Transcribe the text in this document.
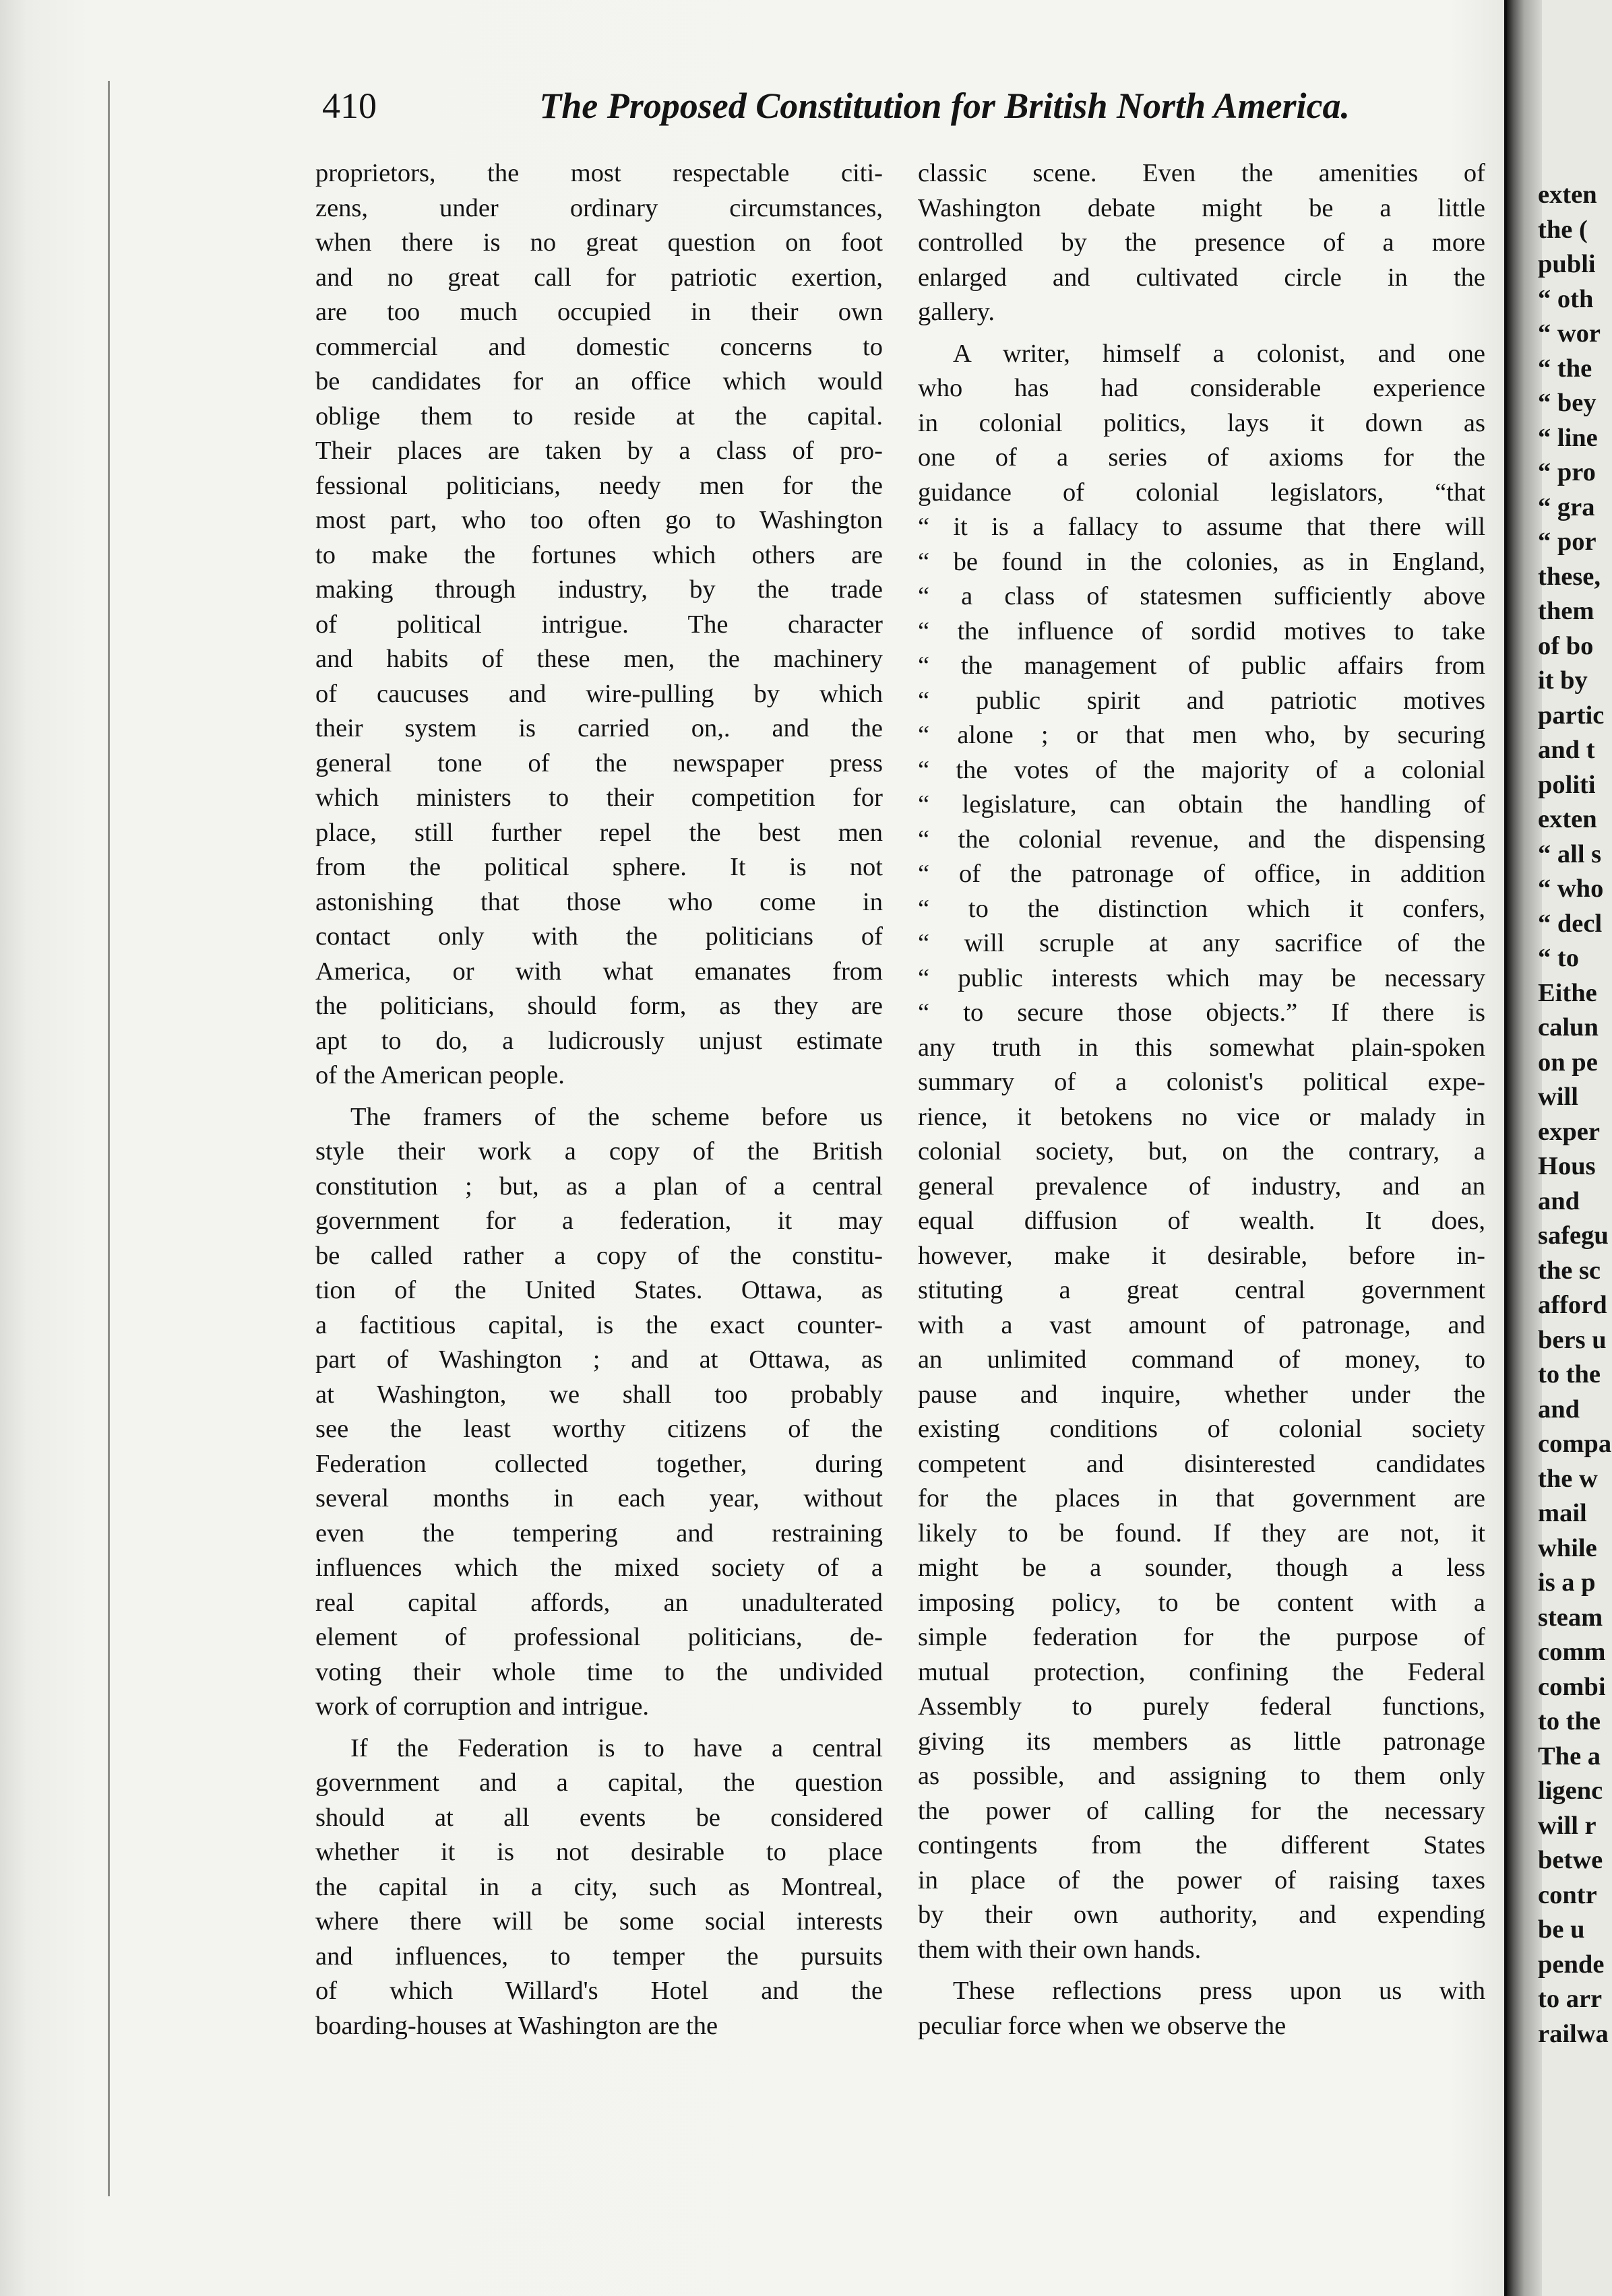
410	The Proposed Constitution for British North America.
proprietors, the most respectable citi-
zens, under ordinary circumstances,
when there is no great question on foot
and no great call for patriotic exertion,
are too much occupied in their own
commercial and domestic concerns to
be candidates for an office which would
oblige them to reside at the capital.
Their places are taken by a class of pro-
fessional politicians, needy men for the
most part, who too often go to Washington
to make the fortunes which others are
making through industry, by the trade
of political intrigue. The character
and habits of these men, the machinery
of caucuses and wire-pulling by which
their system is carried on,. and the
general tone of the newspaper press
which ministers to their competition for
place, still further repel the best men
from the political sphere. It is not
astonishing that those who come in
contact only with the politicians of
America, or with what emanates from
the politicians, should form, as they are
apt to do, a ludicrously unjust estimate
of the American people.
The framers of the scheme before us
style their work a copy of the British
constitution ; but, as a plan of a central
government for a federation, it may
be called rather a copy of the constitu-
tion of the United States. Ottawa, as
a factitious capital, is the exact counter-
part of Washington ; and at Ottawa, as
at Washington, we shall too probably
see the least worthy citizens of the
Federation collected together, during
several months in each year, without
even the tempering and restraining
influences which the mixed society of a
real capital affords, an unadulterated
element of professional politicians, de-
voting their whole time to the undivided
work of corruption and intrigue.
If the Federation is to have a central
government and a capital, the question
should at all events be considered
whether it is not desirable to place
the capital in a city, such as Montreal,
where there will be some social interests
and influences, to temper the pursuits
of which Willard's Hotel and the
boarding-houses at Washington are the
classic scene. Even the amenities of
Washington debate might be a little
controlled by the presence of a more
enlarged and cultivated circle in the
gallery.
A writer, himself a colonist, and one
who has had considerable experience
in colonial politics, lays it down as
one of a series of axioms for the
guidance of colonial legislators, “that
“ it is a fallacy to assume that there will
“ be found in the colonies, as in England,
“ a class of statesmen sufficiently above
“ the influence of sordid motives to take
“ the management of public affairs from
“ public spirit and patriotic motives
“ alone ; or that men who, by securing
“ the votes of the majority of a colonial
“ legislature, can obtain the handling of
“ the colonial revenue, and the dispensing
“ of the patronage of office, in addition
“ to the distinction which it confers,
“ will scruple at any sacrifice of the
“ public interests which may be necessary
“ to secure those objects.” If there is
any truth in this somewhat plain-spoken
summary of a colonist's political expe-
rience, it betokens no vice or malady in
colonial society, but, on the contrary, a
general prevalence of industry, and an
equal diffusion of wealth. It does,
however, make it desirable, before in-
stituting a great central government
with a vast amount of patronage, and
an unlimited command of money, to
pause and inquire, whether under the
existing conditions of colonial society
competent and disinterested candidates
for the places in that government are
likely to be found. If they are not, it
might be a sounder, though a less
imposing policy, to be content with a
simple federation for the purpose of
mutual protection, confining the Federal
Assembly to purely federal functions,
giving its members as little patronage
as possible, and assigning to them only
the power of calling for the necessary
contingents from the different States
in place of the power of raising taxes
by their own authority, and expending
them with their own hands.
These reflections press upon us with
peculiar force when we observe the
exten
the (
publi
“ oth
“ wor
“ the
“ bey
“ line
“ pro
“ gra
“ por
these,
them
of bo
it by
partic
and t
politi
exten
“ all s
“ who
“ decl
“ to
Eithe
calun
on pe
will
exper
Hous
and
safegu
the sc
afford
bers u
to the
and
compa
the w
mail
while
is a p
steam
comm
combi
to the
The a
ligenc
will r
betwe
contr
be u
pende
to arr
railwa
